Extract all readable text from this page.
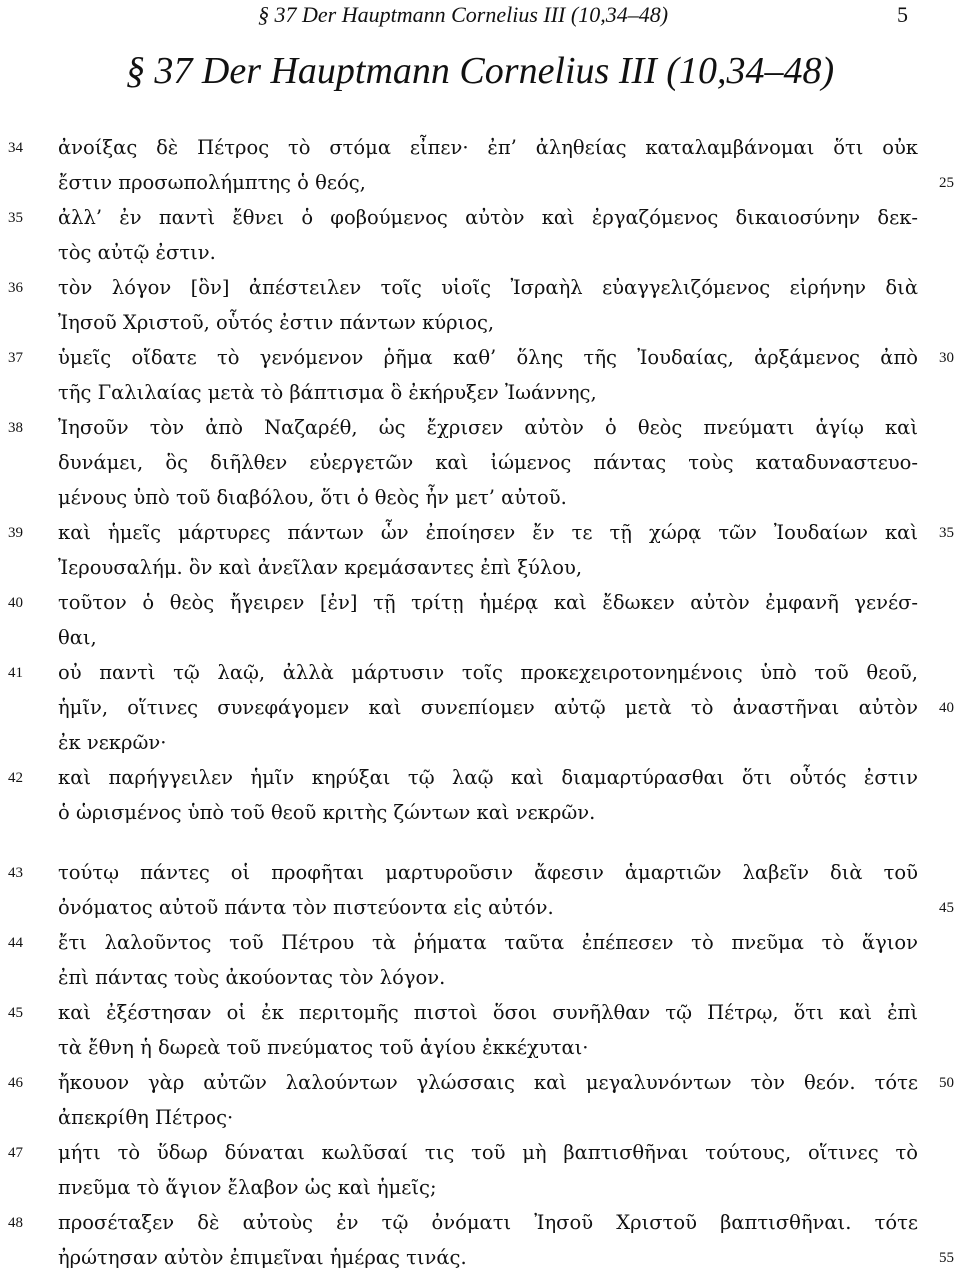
§ 37 Der Hauptmann Cornelius III (10,34–48)	5
§ 37 Der Hauptmann Cornelius III (10,34–48)
34
35
36
37
38
39
40
41
42
43
44
45
46
47
48
25
30
35
40
45
50
55
ἀνοίξας δὲ Πέτρος τὸ στόμα εἶπεν· ἐπ’ ἀληθείας καταλαμβάνομαι ὅτι οὐκ
ἔστιν προσωπολήμπτης ὁ θεός,
ἀλλ’ ἐν παντὶ ἔθνει ὁ φοβούμενος αὐτὸν καὶ ἐργαζόμενος δικαιοσύνην δεκ-
τὸς αὐτῷ ἐστιν.
τὸν λόγον [ὃν] ἀπέστειλεν τοῖς υἱοῖς Ἰσραὴλ εὐαγγελιζόμενος εἰρήνην διὰ
Ἰησοῦ Χριστοῦ, οὗτός ἐστιν πάντων κύριος,
ὑμεῖς οἴδατε τὸ γενόμενον ῥῆμα καθ’ ὅλης τῆς Ἰουδαίας, ἀρξάμενος ἀπὸ
τῆς Γαλιλαίας μετὰ τὸ βάπτισμα ὃ ἐκήρυξεν Ἰωάννης,
Ἰησοῦν τὸν ἀπὸ Ναζαρέθ, ὡς ἔχρισεν αὐτὸν ὁ θεὸς πνεύματι ἁγίῳ καὶ
δυνάμει, ὃς διῆλθεν εὐεργετῶν καὶ ἰώμενος πάντας τοὺς καταδυναστευο-
μένους ὑπὸ τοῦ διαβόλου, ὅτι ὁ θεὸς ἦν μετ’ αὐτοῦ.
καὶ ἡμεῖς μάρτυρες πάντων ὧν ἐποίησεν ἔν τε τῇ χώρᾳ τῶν Ἰουδαίων καὶ
Ἰερουσαλήμ. ὃν καὶ ἀνεῖλαν κρεμάσαντες ἐπὶ ξύλου,
τοῦτον ὁ θεὸς ἤγειρεν [ἐν] τῇ τρίτῃ ἡμέρᾳ καὶ ἔδωκεν αὐτὸν ἐμφανῆ γενέσ-
θαι,
οὐ παντὶ τῷ λαῷ, ἀλλὰ μάρτυσιν τοῖς προκεχειροτονημένοις ὑπὸ τοῦ θεοῦ,
ἡμῖν, οἵτινες συνεφάγομεν καὶ συνεπίομεν αὐτῷ μετὰ τὸ ἀναστῆναι αὐτὸν
ἐκ νεκρῶν·
καὶ παρήγγειλεν ἡμῖν κηρύξαι τῷ λαῷ καὶ διαμαρτύρασθαι ὅτι οὗτός ἐστιν
ὁ ὡρισμένος ὑπὸ τοῦ θεοῦ κριτὴς ζώντων καὶ νεκρῶν.
τούτῳ πάντες οἱ προφῆται μαρτυροῦσιν ἄφεσιν ἁμαρτιῶν λαβεῖν διὰ τοῦ
ὀνόματος αὐτοῦ πάντα τὸν πιστεύοντα εἰς αὐτόν.
ἔτι λαλοῦντος τοῦ Πέτρου τὰ ῥήματα ταῦτα ἐπέπεσεν τὸ πνεῦμα τὸ ἅγιον
ἐπὶ πάντας τοὺς ἀκούοντας τὸν λόγον.
καὶ ἐξέστησαν οἱ ἐκ περιτομῆς πιστοὶ ὅσοι συνῆλθαν τῷ Πέτρῳ, ὅτι καὶ ἐπὶ
τὰ ἔθνη ἡ δωρεὰ τοῦ πνεύματος τοῦ ἁγίου ἐκκέχυται·
ἤκουον γὰρ αὐτῶν λαλούντων γλώσσαις καὶ μεγαλυνόντων τὸν θεόν. τότε
ἀπεκρίθη Πέτρος·
μήτι τὸ ὕδωρ δύναται κωλῦσαί τις τοῦ μὴ βαπτισθῆναι τούτους, οἵτινες τὸ
πνεῦμα τὸ ἅγιον ἔλαβον ὡς καὶ ἡμεῖς;
προσέταξεν δὲ αὐτοὺς ἐν τῷ ὀνόματι Ἰησοῦ Χριστοῦ βαπτισθῆναι. τότε
ἠρώτησαν αὐτὸν ἐπιμεῖναι ἡμέρας τινάς.
